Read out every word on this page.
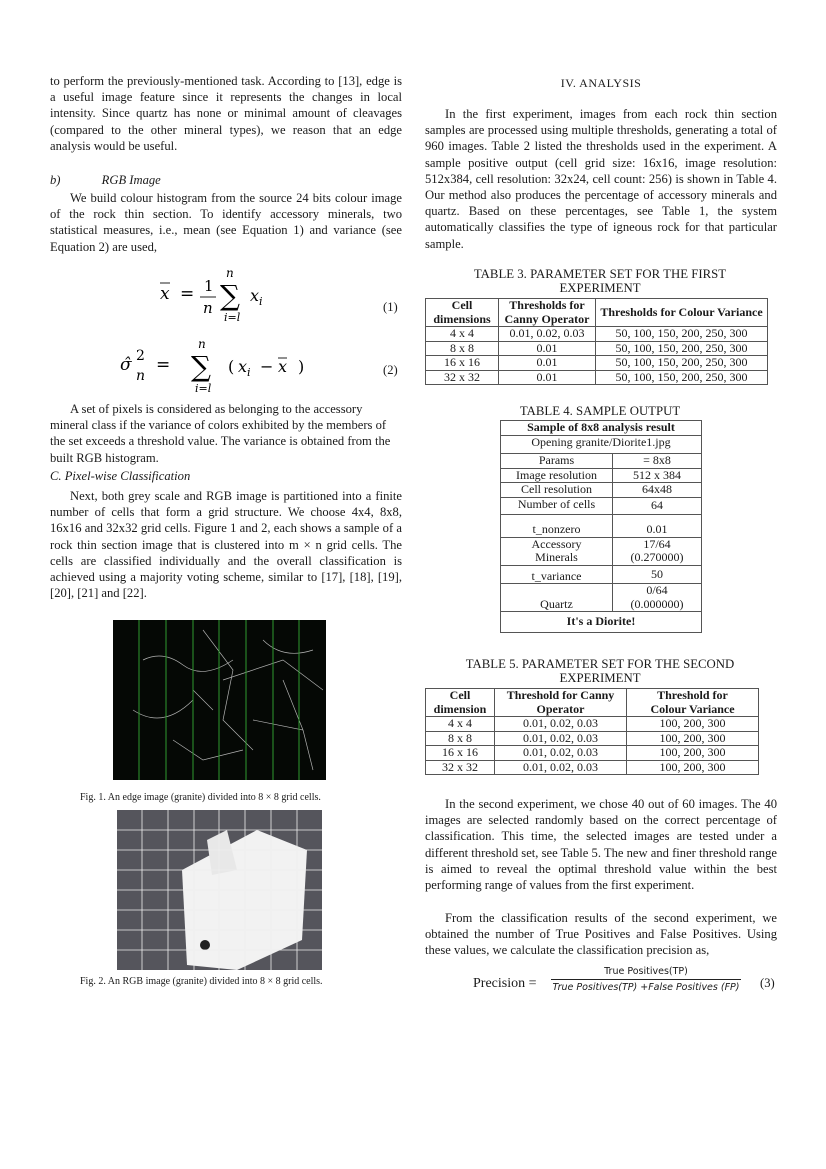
to perform the previously-mentioned task. According to [13], edge is a useful image feature since it represents the changes in local intensity. Since quartz has none or minimal amount of cleavages (compared to the other mineral types), we reason that an edge analysis would be useful.

b)	RGB Image
We build colour histogram from the source 24 bits colour image of the rock thin section. To identify accessory minerals, two statistical measures, i.e., mean (see Equation 1) and variance (see Equation 2) are used,
x = 1
n
n
∑
i=l
x i	(1)
σ̂ 2
n
=
n
∑
i=l
( x i − x )	(2)
A set of pixels is considered as belonging to the accessory mineral class if the variance of colors exhibited by the members of the set exceeds a threshold value. The variance is obtained from the built RGB histogram.
C. Pixel-wise Classification
Next, both grey scale and RGB image is partitioned into a finite number of cells that form a grid structure. We choose 4x4, 8x8, 16x16 and 32x32 grid cells. Figure 1 and 2, each shows a sample of a rock thin section image that is clustered into m × n grid cells. The cells are classified individually and the overall classification is achieved using a majority voting scheme, similar to [17], [18], [19], [20], [21] and [22].
Fig. 1. An edge image (granite) divided into 8 × 8 grid cells.
Fig. 2. An RGB image (granite) divided into 8 × 8 grid cells.
IV. ANALYSIS
In the first experiment, images from each rock thin section samples are processed using multiple thresholds, generating a total of 960 images. Table 2 listed the thresholds used in the experiment. A sample positive output (cell grid size: 16x16, image resolution: 512x384, cell resolution: 32x24, cell count: 256) is shown in Table 4. Our method also produces the percentage of accessory minerals and quartz. Based on these percentages, see Table 1, the system automatically classifies the type of igneous rock for that particular sample.
TABLE 3. PARAMETER SET FOR THE FIRST EXPERIMENT
Cell dimensions	Thresholds for Canny Operator	Thresholds for Colour Variance
4 x 4	0.01, 0.02, 0.03	50, 100, 150, 200, 250, 300
8 x 8	0.01	50, 100, 150, 200, 250, 300
16 x 16	0.01	50, 100, 150, 200, 250, 300
32 x 32	0.01	50, 100, 150, 200, 250, 300
TABLE 4. SAMPLE OUTPUT
Sample of 8x8 analysis result	
Opening granite/Diorite1.jpg	
Params	= 8x8
Image resolution	512 x 384
Cell resolution	64x48
Number of cells	64
t_nonzero	0.01
Accessory Minerals	17/64 (0.270000)
t_variance	50
Quartz	0/64 (0.000000)
It's a Diorite!	
TABLE 5. PARAMETER SET FOR THE SECOND EXPERIMENT
Cell dimension	Threshold for Canny Operator	Threshold for Colour Variance
4 x 4	0.01, 0.02, 0.03	100, 200, 300
8 x 8	0.01, 0.02, 0.03	100, 200, 300
16 x 16	0.01, 0.02, 0.03	100, 200, 300
32 x 32	0.01, 0.02, 0.03	100, 200, 300
In the second experiment, we chose 40 out of 60 images. The 40 images are selected randomly based on the correct percentage of classification. This time, the selected images are tested under a different threshold set, see Table 5. The new and finer threshold range is aimed to reveal the optimal threshold value within the best performing range of values from the first experiment.
From the classification results of the second experiment, we obtained the number of True Positives and False Positives. Using these values, we calculate the classification precision as,
Precision =
True Positives(TP)
True Positives(TP) +False Positives (FP) (3)
